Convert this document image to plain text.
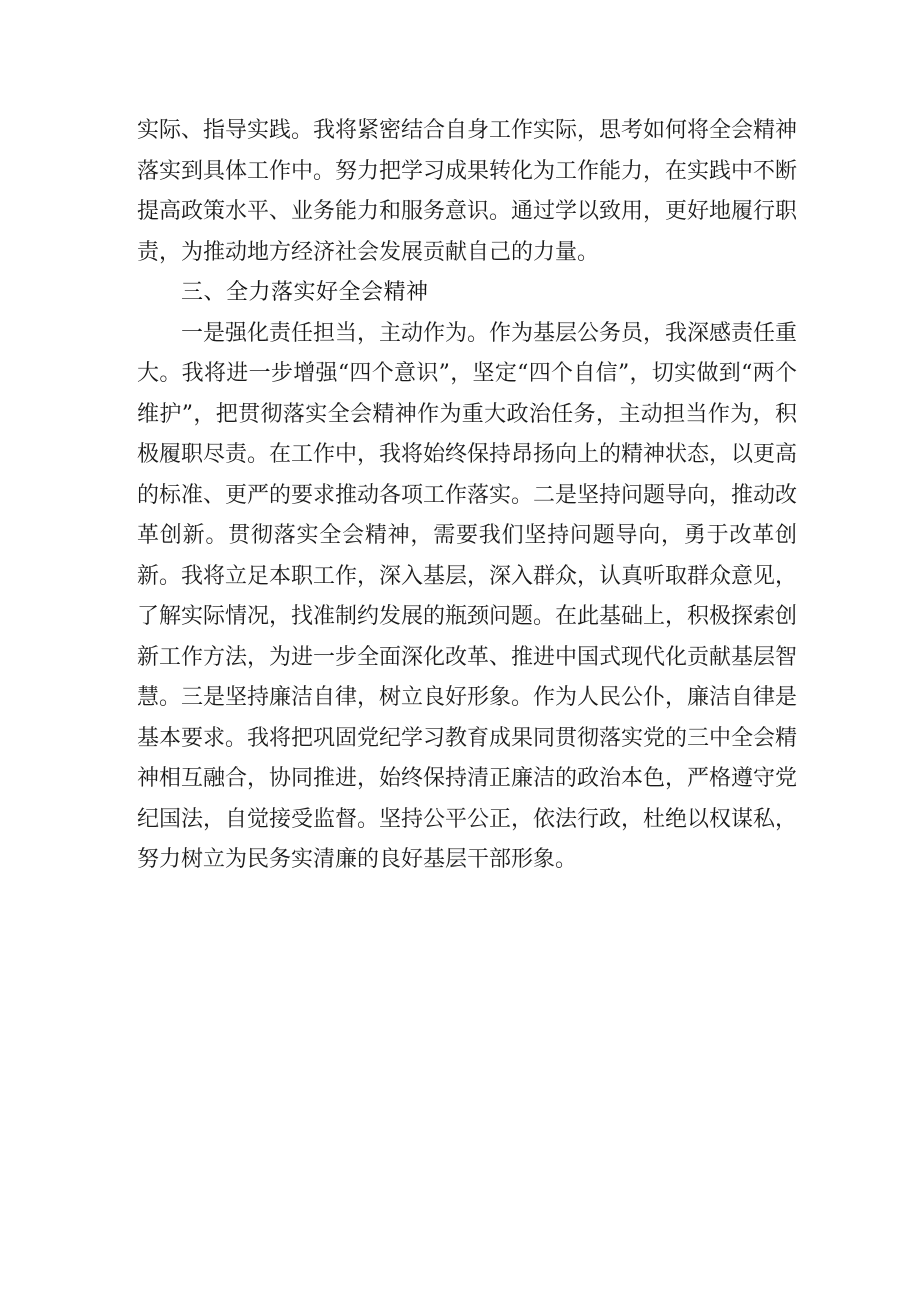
实际、指导实践。我将紧密结合自身工作实际，思考如何将全会精神落实到具体工作中。努力把学习成果转化为工作能力，在实践中不断提高政策水平、业务能力和服务意识。通过学以致用，更好地履行职责，为推动地方经济社会发展贡献自己的力量。

三、全力落实好全会精神

一是强化责任担当，主动作为。作为基层公务员，我深感责任重大。我将进一步增强“四个意识”，坚定“四个自信”，切实做到“两个维护”，把贯彻落实全会精神作为重大政治任务，主动担当作为，积极履职尽责。在工作中，我将始终保持昂扬向上的精神状态，以更高的标准、更严的要求推动各项工作落实。二是坚持问题导向，推动改革创新。贯彻落实全会精神，需要我们坚持问题导向，勇于改革创新。我将立足本职工作，深入基层，深入群众，认真听取群众意见，了解实际情况，找准制约发展的瓶颈问题。在此基础上，积极探索创新工作方法，为进一步全面深化改革、推进中国式现代化贡献基层智慧。三是坚持廉洁自律，树立良好形象。作为人民公仆，廉洁自律是基本要求。我将把巩固党纪学习教育成果同贯彻落实党的三中全会精神相互融合，协同推进，始终保持清正廉洁的政治本色，严格遵守党纪国法，自觉接受监督。坚持公平公正，依法行政，杜绝以权谋私，努力树立为民务实清廉的良好基层干部形象。
